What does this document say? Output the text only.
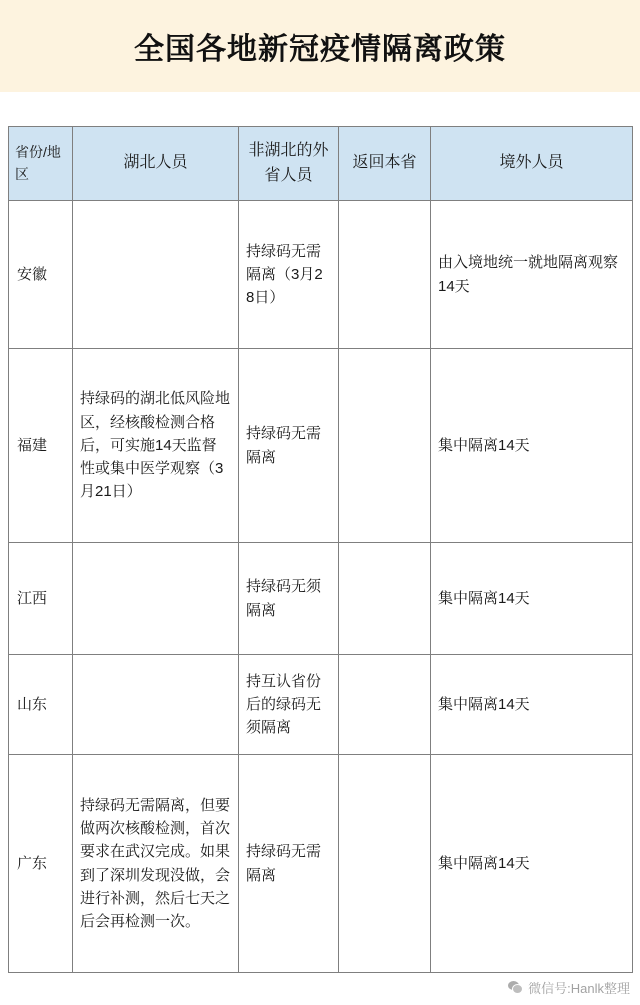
全国各地新冠疫情隔离政策
省份/地区	湖北人员	非湖北的外省人员	返回本省	境外人员
安徽		持绿码无需隔离（3月28日）		由入境地统一就地隔离观察14天
福建	持绿码的湖北低风险地区，经核酸检测合格后，可实施14天监督性或集中医学观察（3月21日）	持绿码无需隔离		集中隔离14天
江西		持绿码无须隔离		集中隔离14天
山东		持互认省份后的绿码无须隔离		集中隔离14天
广东	持绿码无需隔离，但要做两次核酸检测，首次要求在武汉完成。如果到了深圳发现没做，会进行补测，然后七天之后会再检测一次。	持绿码无需隔离		集中隔离14天
微信号:Hanlk整理
